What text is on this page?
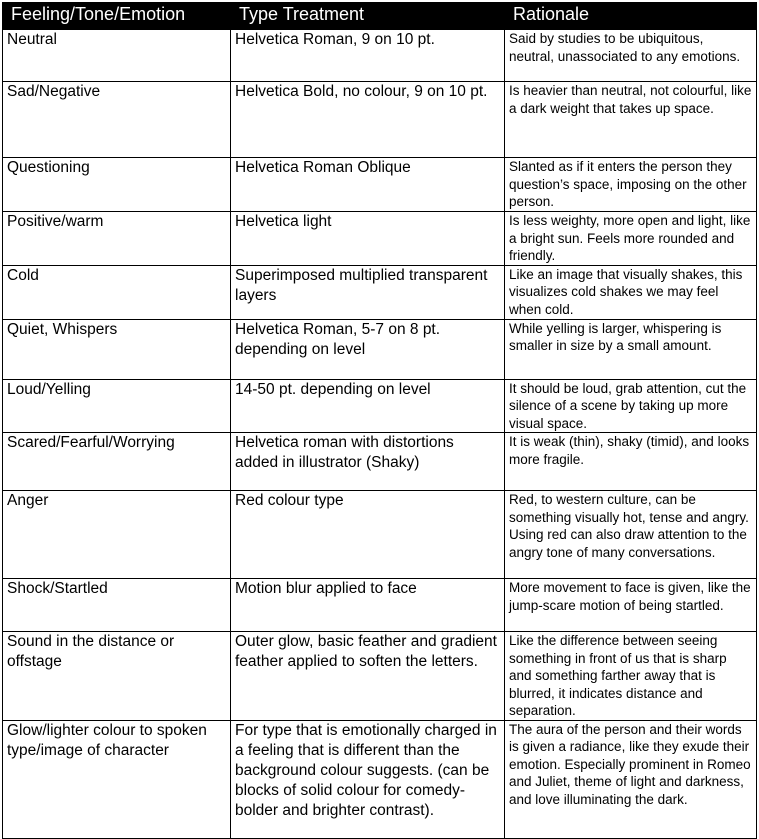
Feeling/Tone/Emotion	Type Treatment	Rationale
Neutral	Helvetica Roman, 9 on 10 pt.	Said by studies to be ubiquitous, neutral, unassociated to any emotions.
Sad/Negative	Helvetica Bold, no colour, 9 on 10 pt.	Is heavier than neutral, not colourful, like a dark weight that takes up space.
Questioning	Helvetica Roman Oblique	Slanted as if it enters the person they question’s space, imposing on the other person.
Positive/warm	Helvetica light	Is less weighty, more open and light, like a bright sun. Feels more rounded and friendly.
Cold	Superimposed multiplied transparent layers	Like an image that visually shakes, this visualizes cold shakes we may feel when cold.
Quiet, Whispers	Helvetica Roman, 5-7 on 8 pt. depending on level	While yelling is larger, whispering is smaller in size by a small amount.
Loud/Yelling	14-50 pt. depending on level	It should be loud, grab attention, cut the silence of a scene by taking up more visual space.
Scared/Fearful/Worrying	Helvetica roman with distortions added in illustrator (Shaky)	It is weak (thin), shaky (timid), and looks more fragile.
Anger	Red colour type	Red, to western culture, can be something visually hot, tense and angry. Using red can also draw attention to the angry tone of many conversations.
Shock/Startled	Motion blur applied to face	More movement to face is given, like the jump-scare motion of being startled.
Sound in the distance or offstage	Outer glow, basic feather and gradient feather applied to soften the letters.	Like the difference between seeing something in front of us that is sharp and something farther away that is blurred, it indicates distance and separation.
Glow/lighter colour to spoken type/image of character	For type that is emotionally charged in a feeling that is different than the background colour suggests. (can be blocks of solid colour for comedy-bolder and brighter contrast).	The aura of the person and their words is given a radiance, like they exude their emotion. Especially prominent in Romeo and Juliet, theme of light and darkness, and love illuminating the dark.
